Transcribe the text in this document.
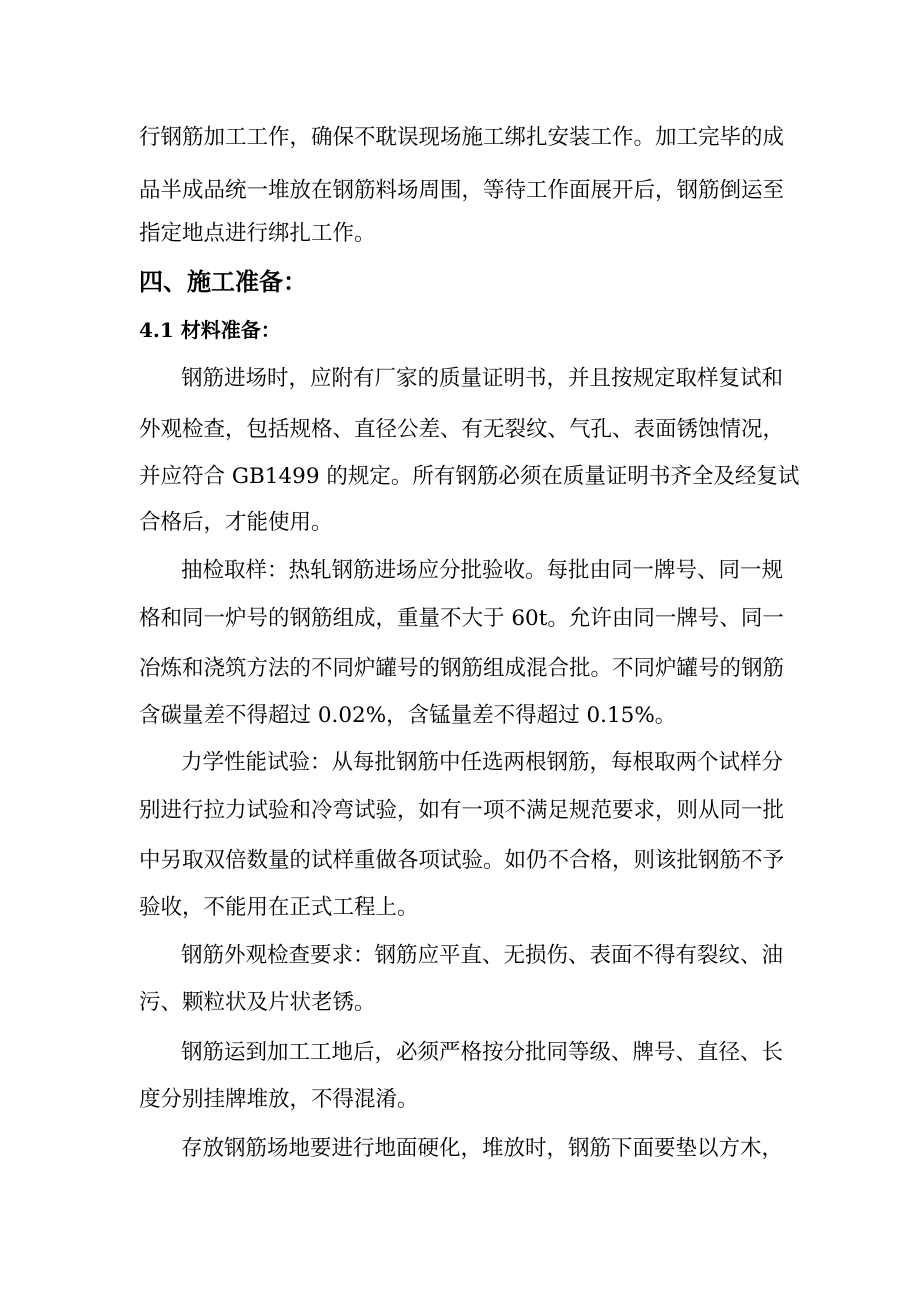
行钢筋加工工作，确保不耽误现场施工绑扎安装工作。加工完毕的成

品半成品统一堆放在钢筋料场周围，等待工作面展开后，钢筋倒运至

指定地点进行绑扎工作。

四、施工准备：
4.1 材料准备：

钢筋进场时，应附有厂家的质量证明书，并且按规定取样复试和

外观检查，包括规格、直径公差、有无裂纹、气孔、表面锈蚀情况，

并应符合 GB1499 的规定。所有钢筋必须在质量证明书齐全及经复试

合格后，才能使用。

抽检取样：热轧钢筋进场应分批验收。每批由同一牌号、同一规

格和同一炉号的钢筋组成，重量不大于 60t。允许由同一牌号、同一

冶炼和浇筑方法的不同炉罐号的钢筋组成混合批。不同炉罐号的钢筋

含碳量差不得超过 0.02%，含锰量差不得超过 0.15%。

力学性能试验：从每批钢筋中任选两根钢筋，每根取两个试样分

别进行拉力试验和冷弯试验，如有一项不满足规范要求，则从同一批

中另取双倍数量的试样重做各项试验。如仍不合格，则该批钢筋不予

验收，不能用在正式工程上。

钢筋外观检查要求：钢筋应平直、无损伤、表面不得有裂纹、油

污、颗粒状及片状老锈。

钢筋运到加工工地后，必须严格按分批同等级、牌号、直径、长

度分别挂牌堆放，不得混淆。

存放钢筋场地要进行地面硬化，堆放时，钢筋下面要垫以方木，
